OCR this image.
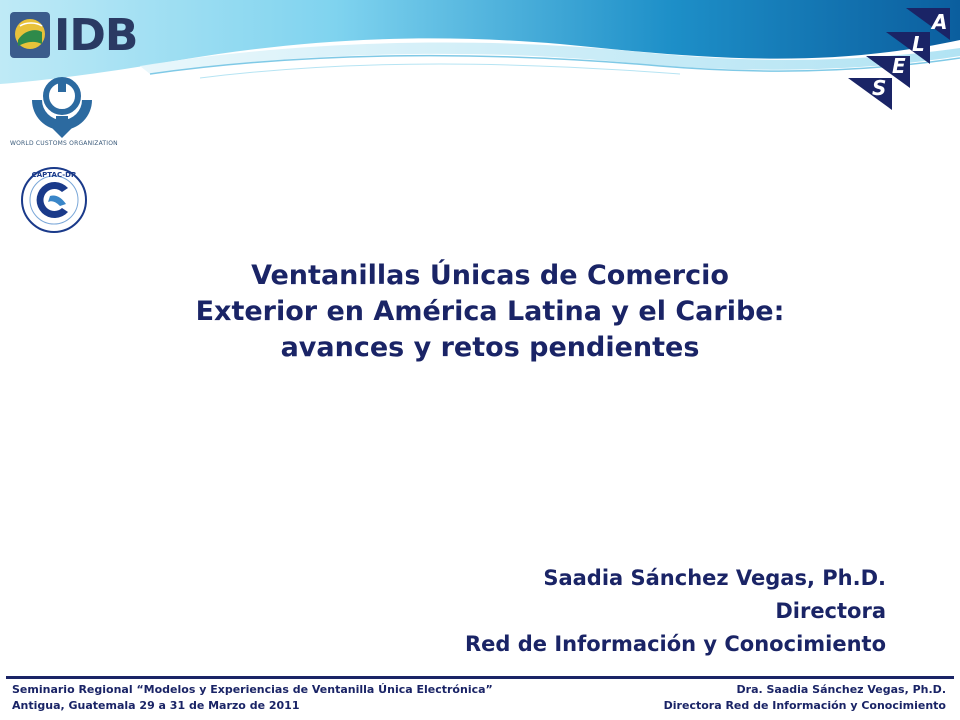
IDB
WORLD CUSTOMS ORGANIZATION
CAPTAC-DR
A
L
E
S
Ventanillas Únicas de Comercio
Exterior en América Latina y el Caribe:
avances y retos pendientes
Saadia Sánchez Vegas, Ph.D.
Directora
Red de Información y Conocimiento
Seminario Regional “Modelos y Experiencias de Ventanilla Única Electrónica”
Antigua, Guatemala 29 a 31 de Marzo de 2011
Dra. Saadia Sánchez Vegas, Ph.D.
Directora Red de Información y Conocimiento
